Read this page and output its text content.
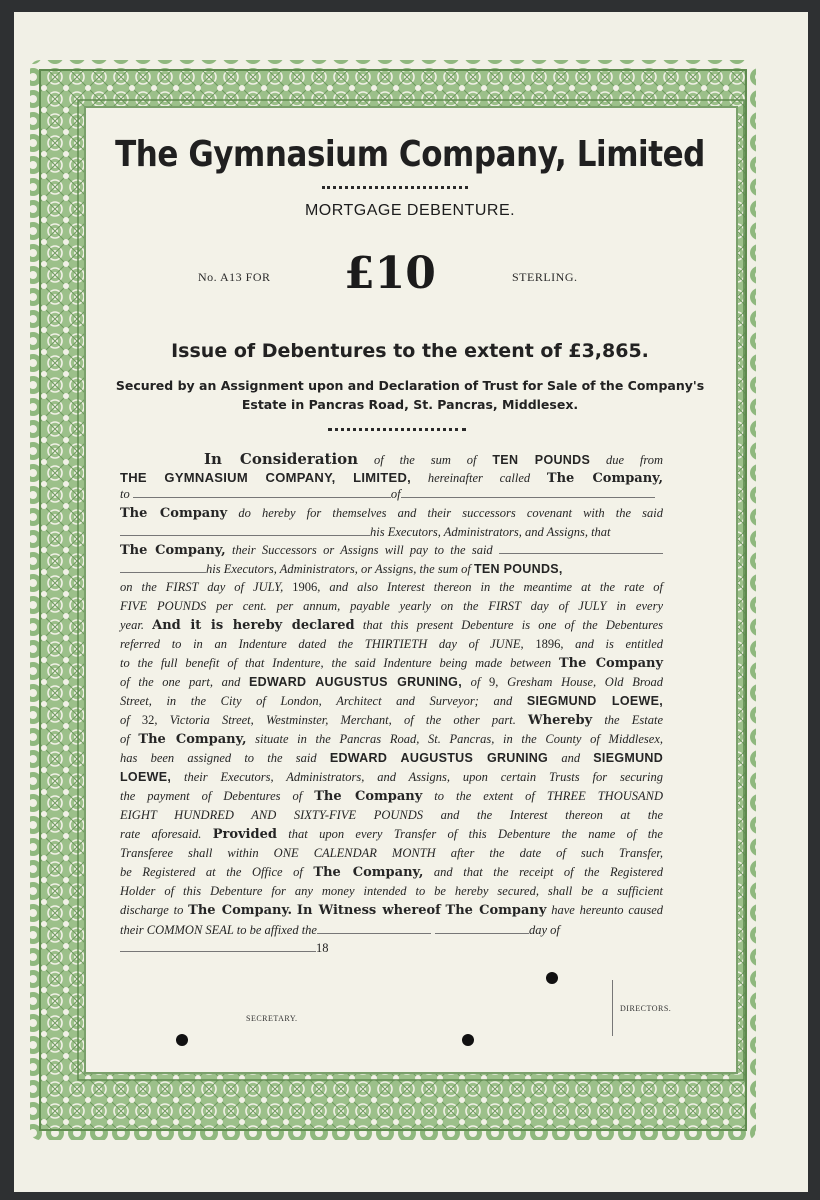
The Gymnasium Company, Limited
MORTGAGE DEBENTURE.
No. A13 FOR	£10	STERLING.
Issue of Debentures to the extent of £3,865.
Secured by an Assignment upon and Declaration of Trust for Sale of the Company's Estate in Pancras Road, St. Pancras, Middlesex.
In Consideration of the sum of TEN POUNDS due from
THE GYMNASIUM COMPANY, LIMITED, hereinafter called The Company,
to	of
The Company do hereby for themselves and their successors covenant with the said
his Executors, Administrators, and Assigns, that
The Company, their Successors or Assigns will pay to the said
his Executors, Administrators, or Assigns, the sum of TEN POUNDS,
on the FIRST day of JULY, 1906, and also Interest thereon in the meantime at the rate of
FIVE POUNDS per cent. per annum, payable yearly on the FIRST day of JULY in every
year. And it is hereby declared that this present Debenture is one of the Debentures
referred to in an Indenture dated the THIRTIETH day of JUNE, 1896, and is entitled
to the full benefit of that Indenture, the said Indenture being made between The Company
of the one part, and EDWARD AUGUSTUS GRUNING, of 9, Gresham House, Old Broad
Street, in the City of London, Architect and Surveyor; and SIEGMUND LOEWE,
of 32, Victoria Street, Westminster, Merchant, of the other part. Whereby the Estate
of The Company, situate in the Pancras Road, St. Pancras, in the County of Middlesex,
has been assigned to the said EDWARD AUGUSTUS GRUNING and SIEGMUND
LOEWE, their Executors, Administrators, and Assigns, upon certain Trusts for securing
the payment of Debentures of The Company to the extent of THREE THOUSAND
EIGHT HUNDRED AND SIXTY-FIVE POUNDS and the Interest thereon at the
rate aforesaid. Provided that upon every Transfer of this Debenture the name of the
Transferee shall within ONE CALENDAR MONTH after the date of such Transfer,
be Registered at the Office of The Company, and that the receipt of the Registered
Holder of this Debenture for any money intended to be hereby secured, shall be a sufficient
discharge to The Company. In Witness whereof The Company have hereunto caused
their COMMON SEAL to be affixed the	day of
18
SECRETARY.
DIRECTORS.
